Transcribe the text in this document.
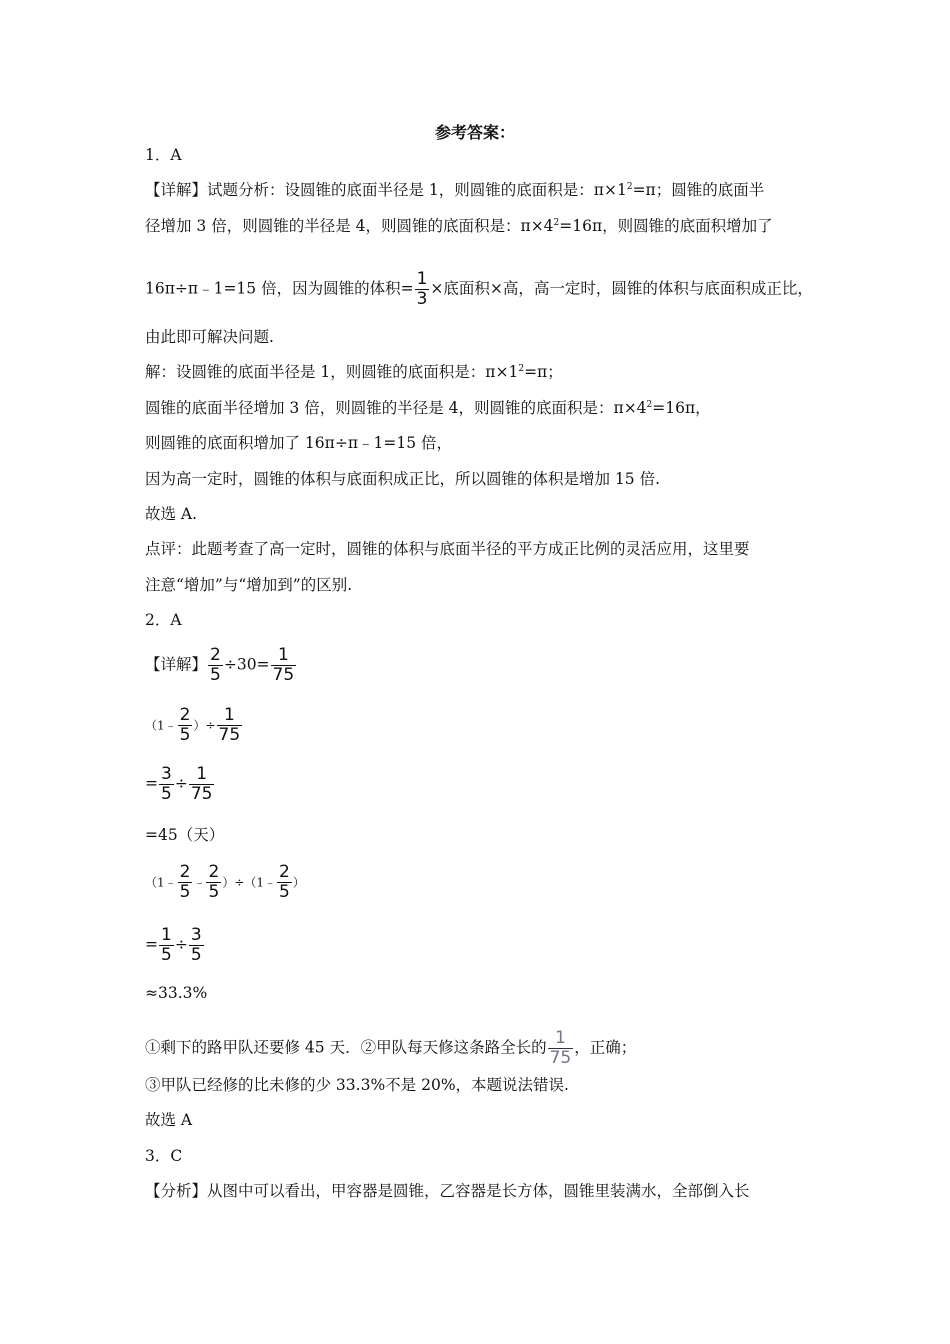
参考答案：
1．A
【详解】试题分析：设圆锥的底面半径是 1，则圆锥的底面积是：$\pi\times 1^2=\pi$；圆锥的底面半
径增加 3 倍，则圆锥的半径是 4，则圆锥的底面积是：$\pi\times 4^2=16\pi$，则圆锥的底面积增加了
16π÷π﹣1=15 倍，因为圆锥的体积= $\frac{1}{3}$ ×底面积×高，高一定时，圆锥的体积与底面积成正比，
由此即可解决问题.
解：设圆锥的底面半径是 1，则圆锥的底面积是：$\pi\times 1^2=\pi$；
圆锥的底面半径增加 3 倍，则圆锥的半径是 4，则圆锥的底面积是：$\pi\times 4^2=16\pi$，
则圆锥的底面积增加了 16π÷π﹣1=15 倍，
因为高一定时，圆锥的体积与底面积成正比，所以圆锥的体积是增加 15 倍.
故选 A.
点评：此题考查了高一定时，圆锥的体积与底面半径的平方成正比例的灵活应用，这里要
注意“增加”与“增加到”的区别.
2．A
【详解】 $\frac{2}{5} \div 30= \frac{1}{75}$
（1﹣ $\frac{2}{5}$ ）÷ $\frac{1}{75}$
= $\frac{3}{5} \div \frac{1}{75}$
=45（天）
（1﹣ $\frac{2}{5}$ ﹣ $\frac{2}{5}$ ）÷（1﹣ $\frac{2}{5}$ ）
= $\frac{1}{5} \div \frac{3}{5}$
≈33.3%
①剩下的路甲队还要修 45 天．②甲队每天修这条路全长的 $\frac{1}{75}$ ，正确；
③甲队已经修的比未修的少 33.3%不是 20%，本题说法错误.
故选 A
3．C
【分析】从图中可以看出，甲容器是圆锥，乙容器是长方体，圆锥里装满水，全部倒入长
